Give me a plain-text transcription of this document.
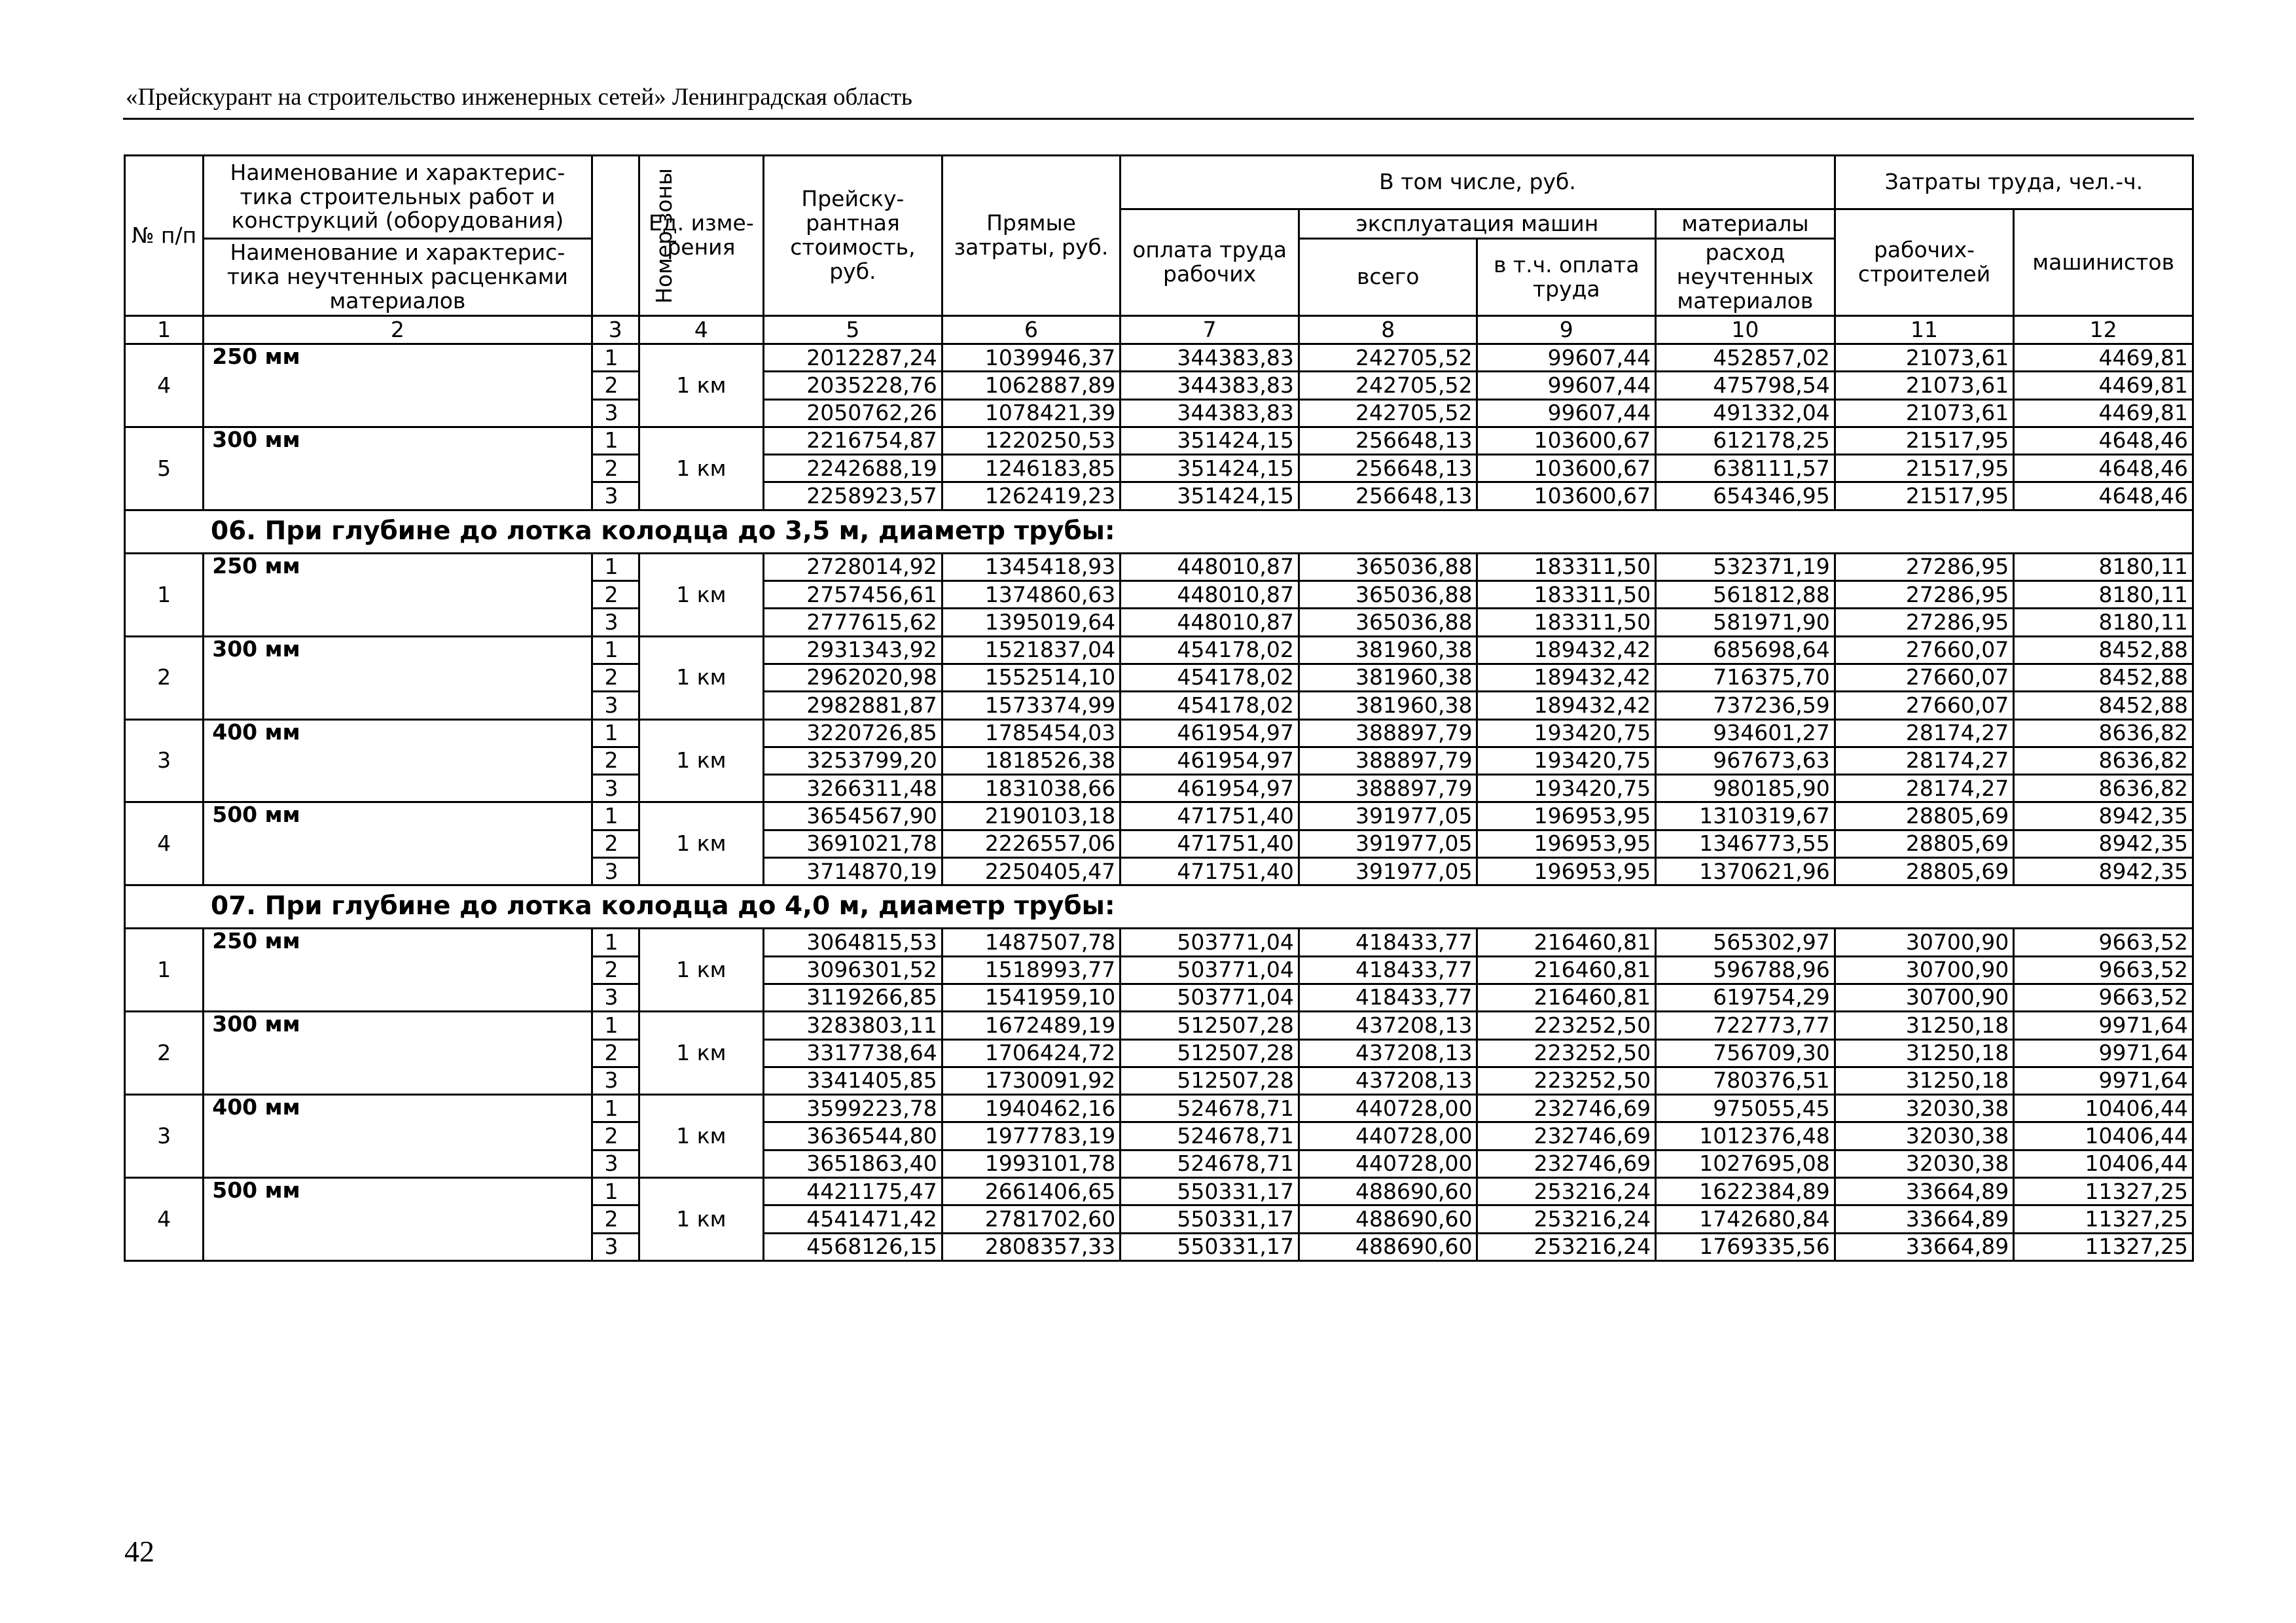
«Прейскурант на строительство инженерных сетей» Ленинградская область
№ п/п	Наименование и характеристика строительных работ и конструкций (оборудования)	Номер зоны	Ед. измерения	Прейскурантная стоимость, руб.	Прямые затраты, руб.	В том числе, руб.				Затраты труда, чел.-ч.	
						оплата труда рабочих	эксплуатация машин		материалы	рабочих-строителей	машинистов
	Наименование и характеристика неучтенных расценками материалов						всего	в т.ч. оплата труда	расход неучтенных материалов		
1	2	3	4	5	6	7	8	9	10	11	12
4	250 мм	1	1 км	2012287,24	1039946,37	344383,83	242705,52	99607,44	452857,02	21073,61	4469,81
		2		2035228,76	1062887,89	344383,83	242705,52	99607,44	475798,54	21073,61	4469,81
		3		2050762,26	1078421,39	344383,83	242705,52	99607,44	491332,04	21073,61	4469,81
5	300 мм	1	1 км	2216754,87	1220250,53	351424,15	256648,13	103600,67	612178,25	21517,95	4648,46
		2		2242688,19	1246183,85	351424,15	256648,13	103600,67	638111,57	21517,95	4648,46
		3		2258923,57	1262419,23	351424,15	256648,13	103600,67	654346,95	21517,95	4648,46
06. При глубине до лотка колодца до 3,5 м, диаметр трубы:											
1	250 мм	1	1 км	2728014,92	1345418,93	448010,87	365036,88	183311,50	532371,19	27286,95	8180,11
		2		2757456,61	1374860,63	448010,87	365036,88	183311,50	561812,88	27286,95	8180,11
		3		2777615,62	1395019,64	448010,87	365036,88	183311,50	581971,90	27286,95	8180,11
2	300 мм	1	1 км	2931343,92	1521837,04	454178,02	381960,38	189432,42	685698,64	27660,07	8452,88
		2		2962020,98	1552514,10	454178,02	381960,38	189432,42	716375,70	27660,07	8452,88
		3		2982881,87	1573374,99	454178,02	381960,38	189432,42	737236,59	27660,07	8452,88
3	400 мм	1	1 км	3220726,85	1785454,03	461954,97	388897,79	193420,75	934601,27	28174,27	8636,82
		2		3253799,20	1818526,38	461954,97	388897,79	193420,75	967673,63	28174,27	8636,82
		3		3266311,48	1831038,66	461954,97	388897,79	193420,75	980185,90	28174,27	8636,82
4	500 мм	1	1 км	3654567,90	2190103,18	471751,40	391977,05	196953,95	1310319,67	28805,69	8942,35
		2		3691021,78	2226557,06	471751,40	391977,05	196953,95	1346773,55	28805,69	8942,35
		3		3714870,19	2250405,47	471751,40	391977,05	196953,95	1370621,96	28805,69	8942,35
07. При глубине до лотка колодца до 4,0 м, диаметр трубы:											
1	250 мм	1	1 км	3064815,53	1487507,78	503771,04	418433,77	216460,81	565302,97	30700,90	9663,52
		2		3096301,52	1518993,77	503771,04	418433,77	216460,81	596788,96	30700,90	9663,52
		3		3119266,85	1541959,10	503771,04	418433,77	216460,81	619754,29	30700,90	9663,52
2	300 мм	1	1 км	3283803,11	1672489,19	512507,28	437208,13	223252,50	722773,77	31250,18	9971,64
		2		3317738,64	1706424,72	512507,28	437208,13	223252,50	756709,30	31250,18	9971,64
		3		3341405,85	1730091,92	512507,28	437208,13	223252,50	780376,51	31250,18	9971,64
3	400 мм	1	1 км	3599223,78	1940462,16	524678,71	440728,00	232746,69	975055,45	32030,38	10406,44
		2		3636544,80	1977783,19	524678,71	440728,00	232746,69	1012376,48	32030,38	10406,44
		3		3651863,40	1993101,78	524678,71	440728,00	232746,69	1027695,08	32030,38	10406,44
4	500 мм	1	1 км	4421175,47	2661406,65	550331,17	488690,60	253216,24	1622384,89	33664,89	11327,25
		2		4541471,42	2781702,60	550331,17	488690,60	253216,24	1742680,84	33664,89	11327,25
		3		4568126,15	2808357,33	550331,17	488690,60	253216,24	1769335,56	33664,89	11327,25
42
